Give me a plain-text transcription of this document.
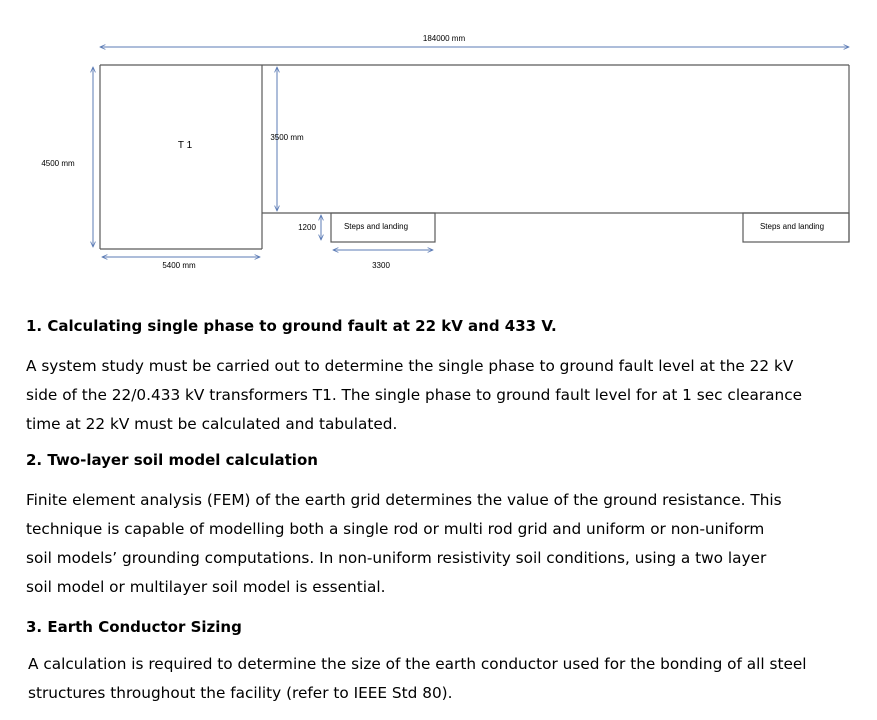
184000 mm
4500 mm
T 1
3500 mm
1200	Steps and landing	Steps and landing
5400 mm	3300

1. Calculating single phase to ground fault at 22 kV and 433 V.

A system study must be carried out to determine the single phase to ground fault level at the 22 kV

side of the 22/0.433 kV transformers T1. The single phase to ground fault level for at 1 sec clearance

time at 22 kV must be calculated and tabulated.

2. Two-layer soil model calculation

Finite element analysis (FEM) of the earth grid determines the value of the ground resistance. This

technique is capable of modelling both a single rod or multi rod grid and uniform or non-uniform

soil models’ grounding computations. In non-uniform resistivity soil conditions, using a two layer

soil model or multilayer soil model is essential.

3. Earth Conductor Sizing

A calculation is required to determine the size of the earth conductor used for the bonding of all steel

structures throughout the facility (refer to IEEE Std 80).
